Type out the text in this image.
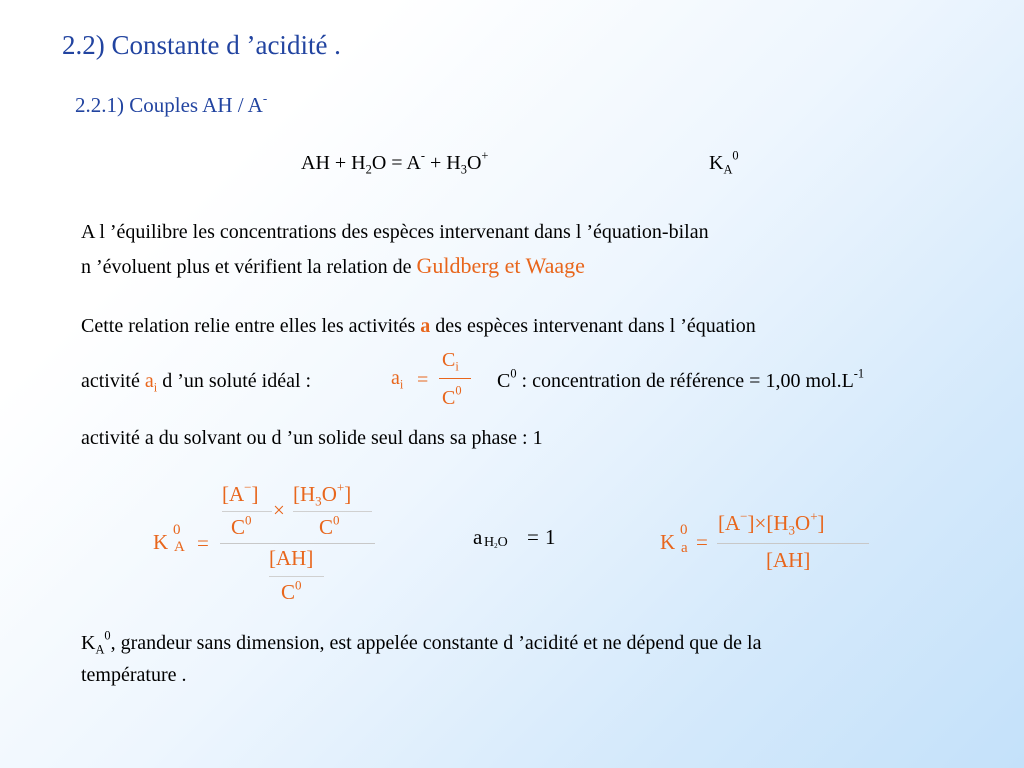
2.2) Constante d ’acidité .
2.2.1) Couples AH / A-
AH + $H_2O = A^- + H_3O^+$	$K_A^0$
A l ’équilibre les concentrations des espèces intervenant dans l ’équation-bilan
n ’évoluent plus et vérifient la relation de Guldberg et Waage
Cette relation relie entre elles les activités a des espèces intervenant dans l ’équation
activité $a_i$ d ’un soluté idéal :	$a_i$ =
$C_i$
$C^0$ $C^0$ : concentration de référence = 1,00 $mol.L^{-1}$
activité a du solvant ou d ’un solide seul dans sa phase : 1
K 0
A =
[A−]
×
$[H_3O^+]$
$C^0$	$C^0$
[AH]
$C^0$
a H2O = 1	K 0
a =
$[A^-]\times[H_3O^+]$
[AH]
$K_A^0$, grandeur sans dimension, est appelée constante d ’acidité et ne dépend que de la
température .
